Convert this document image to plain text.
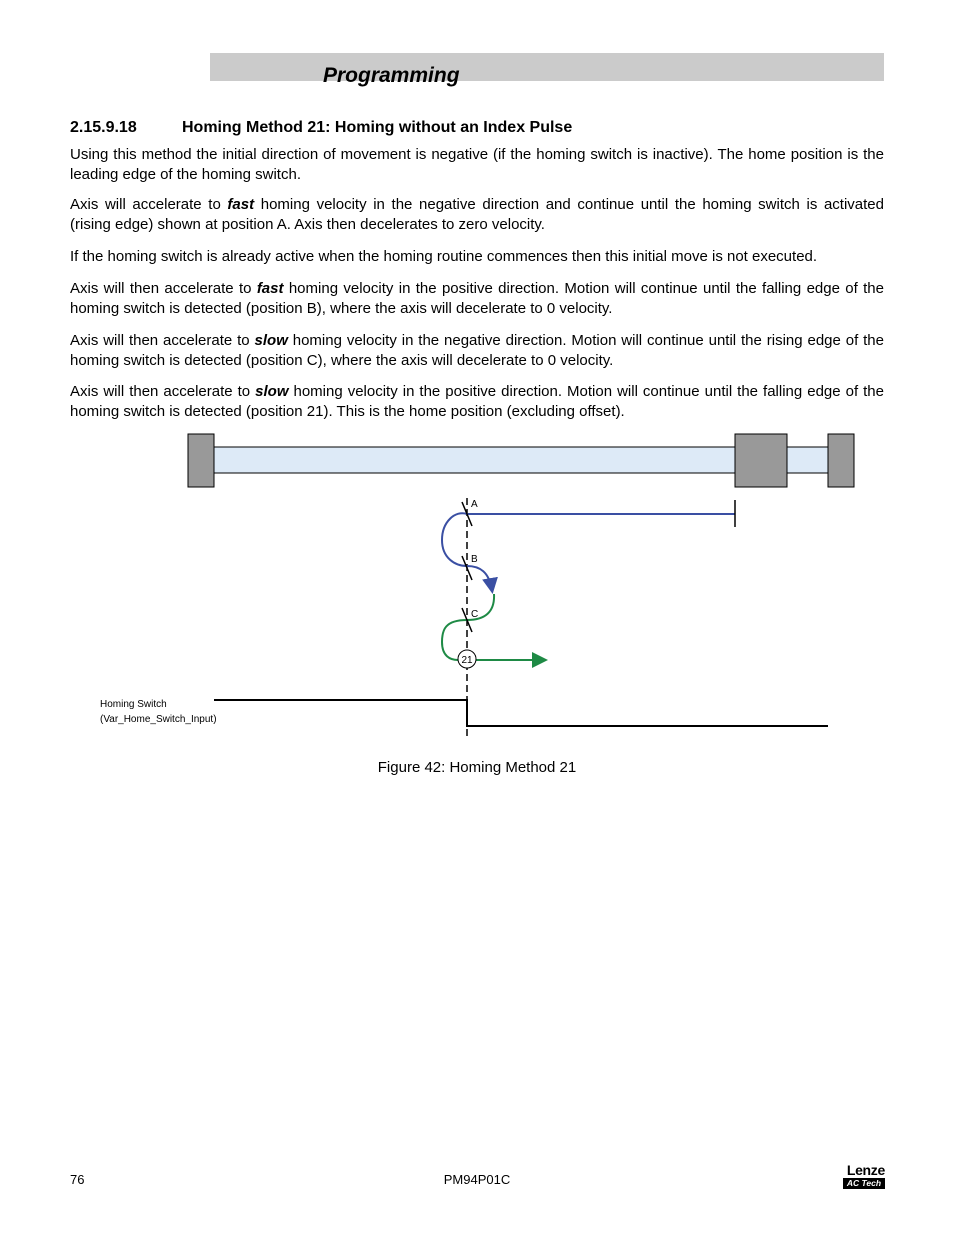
Programming
2.15.9.18	Homing Method 21: Homing without an Index Pulse
Using this method the initial direction of movement is negative (if the homing switch is inactive). The home position is the leading edge of the homing switch.
Axis will accelerate to fast homing velocity in the negative direction and continue until the homing switch is activated (rising edge) shown at position A. Axis then decelerates to zero velocity.
If the homing switch is already active when the homing routine commences then this initial move is not executed.
Axis will then accelerate to fast homing velocity in the positive direction. Motion will continue until the falling edge of the homing switch is detected (position B), where the axis will decelerate to 0 velocity.
Axis will then accelerate to slow homing velocity in the negative direction. Motion will continue until the rising edge of the homing switch is detected (position C), where the axis will decelerate to 0 velocity.
Axis will then accelerate to slow homing velocity in the positive direction. Motion will continue until the falling edge of the homing switch is detected (position 21). This is the home position (excluding offset).
A
B
C
21
Homing Switch
(Var_Home_Switch_Input)
Figure 42: Homing Method 21
76	PM94P01C
Lenze
AC Tech
